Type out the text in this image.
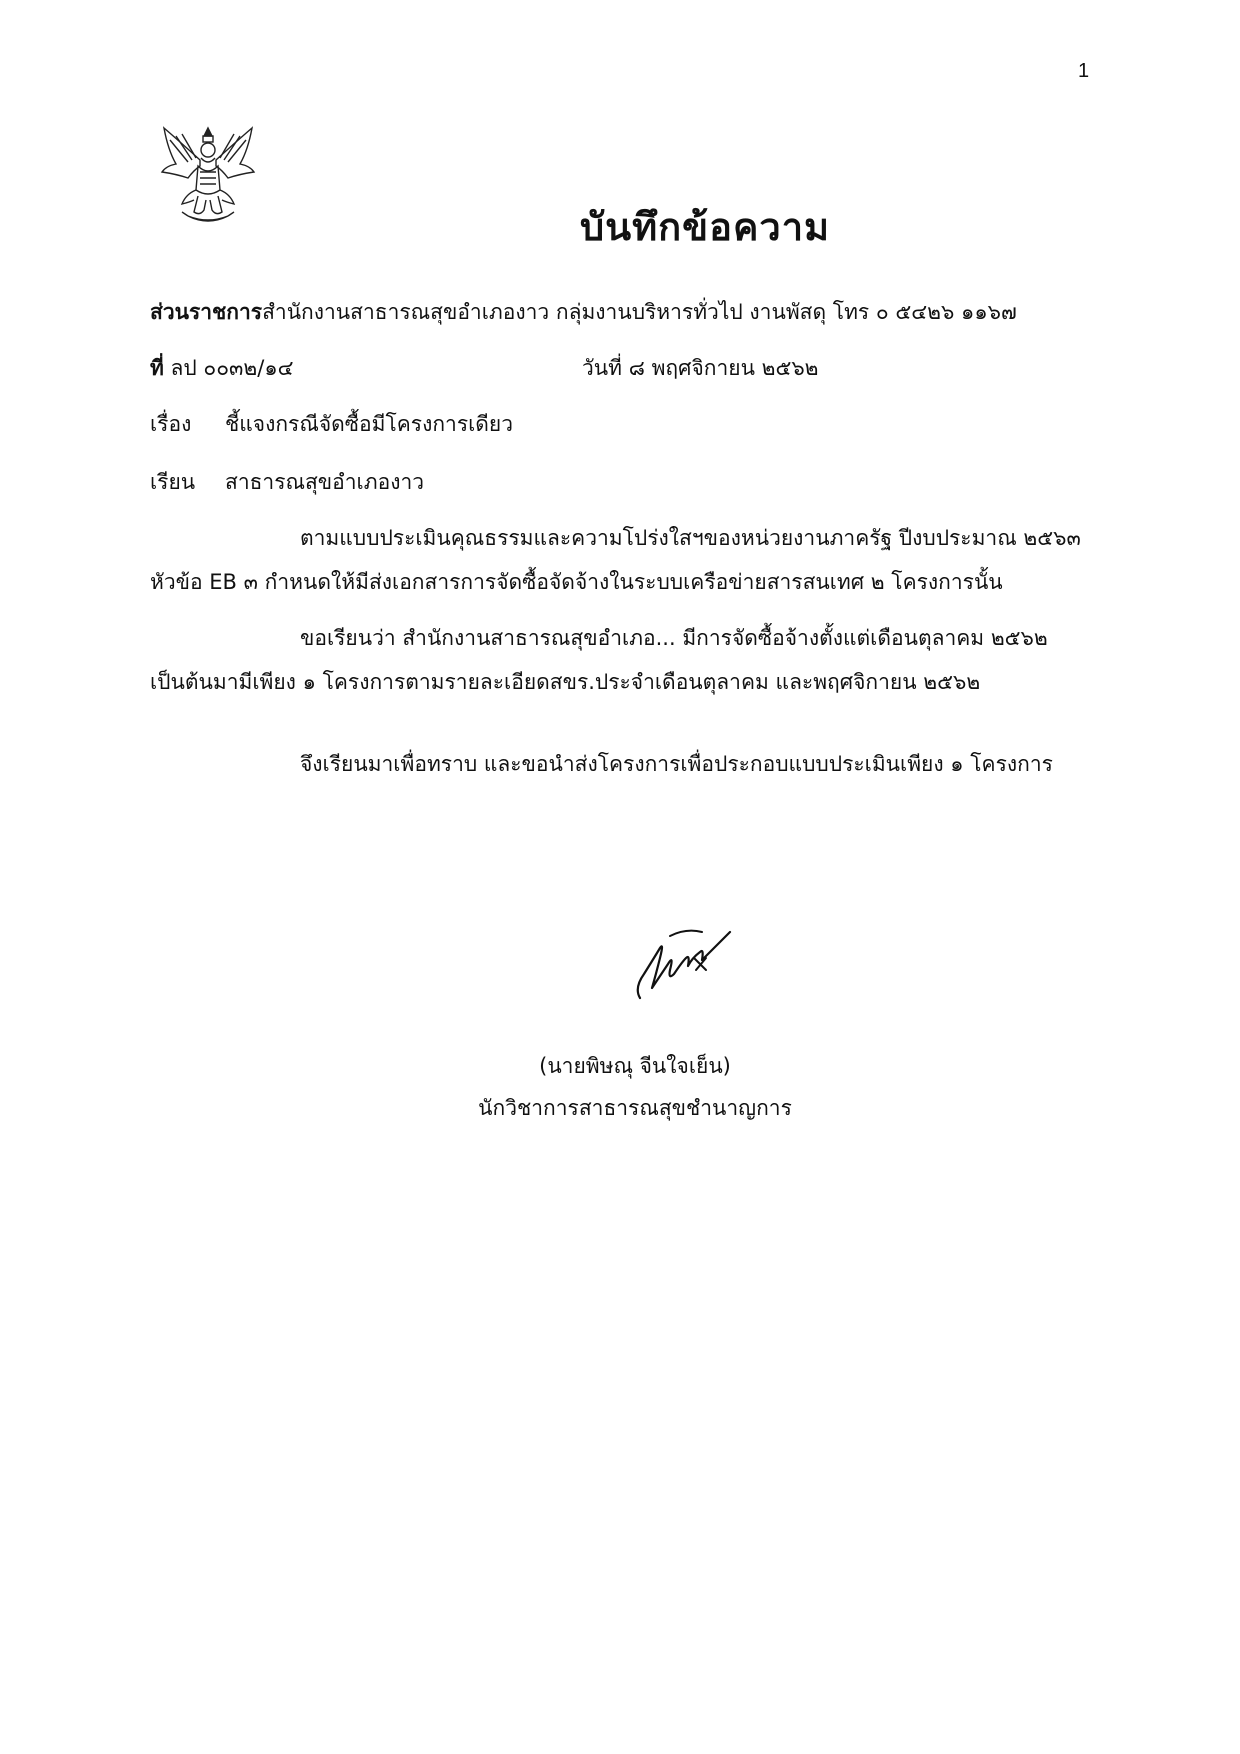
1
บันทึกข้อความ
ส่วนราชการสำนักงานสาธารณสุขอำเภองาว กลุ่มงานบริหารทั่วไป งานพัสดุ โทร ๐ ๕๔๒๖ ๑๑๖๗
ที่ ลป ๐๐๓๒/๑๔	วันที่ ๘ พฤศจิกายน ๒๕๖๒
เรื่อง ชี้แจงกรณีจัดซื้อมีโครงการเดียว
เรียน สาธารณสุขอำเภองาว
ตามแบบประเมินคุณธรรมและความโปร่งใสฯของหน่วยงานภาครัฐ ปีงบประมาณ ๒๕๖๓
หัวข้อ EB ๓ กำหนดให้มีส่งเอกสารการจัดซื้อจัดจ้างในระบบเครือข่ายสารสนเทศ ๒ โครงการนั้น
ขอเรียนว่า สำนักงานสาธารณสุขอำเภอ... มีการจัดซื้อจ้างตั้งแต่เดือนตุลาคม ๒๕๖๒
เป็นต้นมามีเพียง ๑ โครงการตามรายละเอียดสขร.ประจำเดือนตุลาคม และพฤศจิกายน ๒๕๖๒
จึงเรียนมาเพื่อทราบ และขอนำส่งโครงการเพื่อประกอบแบบประเมินเพียง ๑ โครงการ
(นายพิษณุ จีนใจเย็น)
นักวิชาการสาธารณสุขชำนาญการ
